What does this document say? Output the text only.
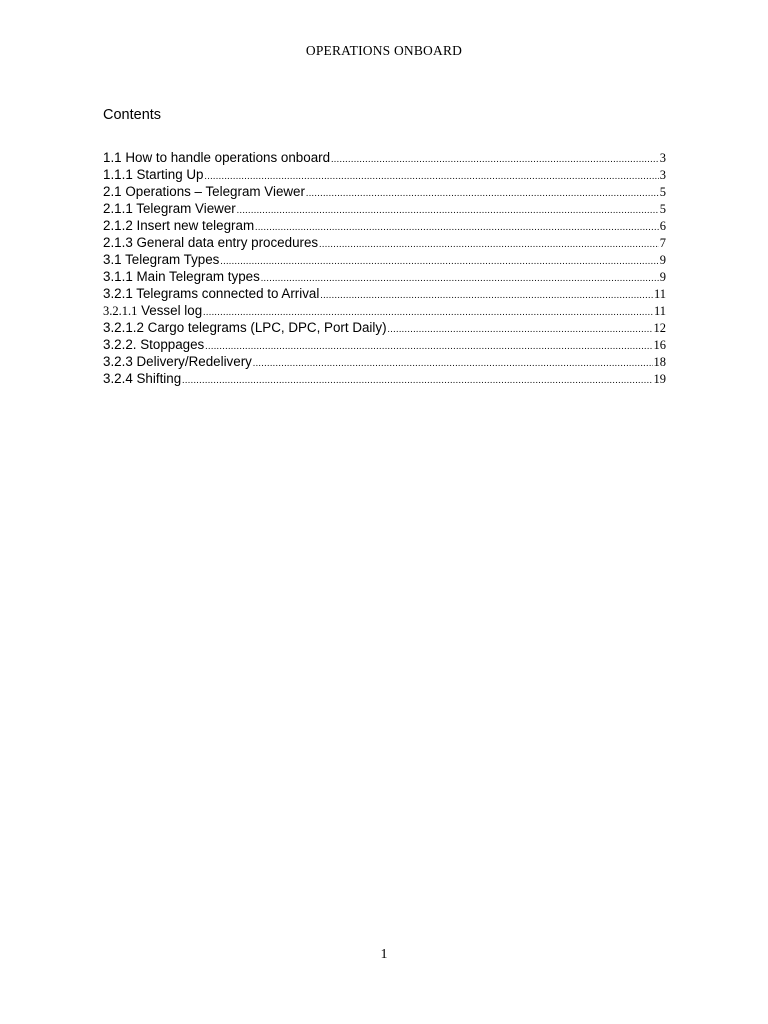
OPERATIONS ONBOARD
Contents
1.1 How to handle operations onboard .....	3
1.1.1 Starting Up .....	3
2.1 Operations – Telegram Viewer .....	5
2.1.1 Telegram Viewer .....	5
2.1.2 Insert new telegram .....	6
2.1.3 General data entry procedures .....	7
3.1 Telegram Types .....	9
3.1.1 Main Telegram types .....	9
3.2.1 Telegrams connected to Arrival .....	11
3.2.1.1 Vessel log .....	11
3.2.1.2 Cargo telegrams (LPC, DPC, Port Daily) .....	12
3.2.2. Stoppages .....	16
3.2.3 Delivery/Redelivery .....	18
3.2.4 Shifting .....	19
1
